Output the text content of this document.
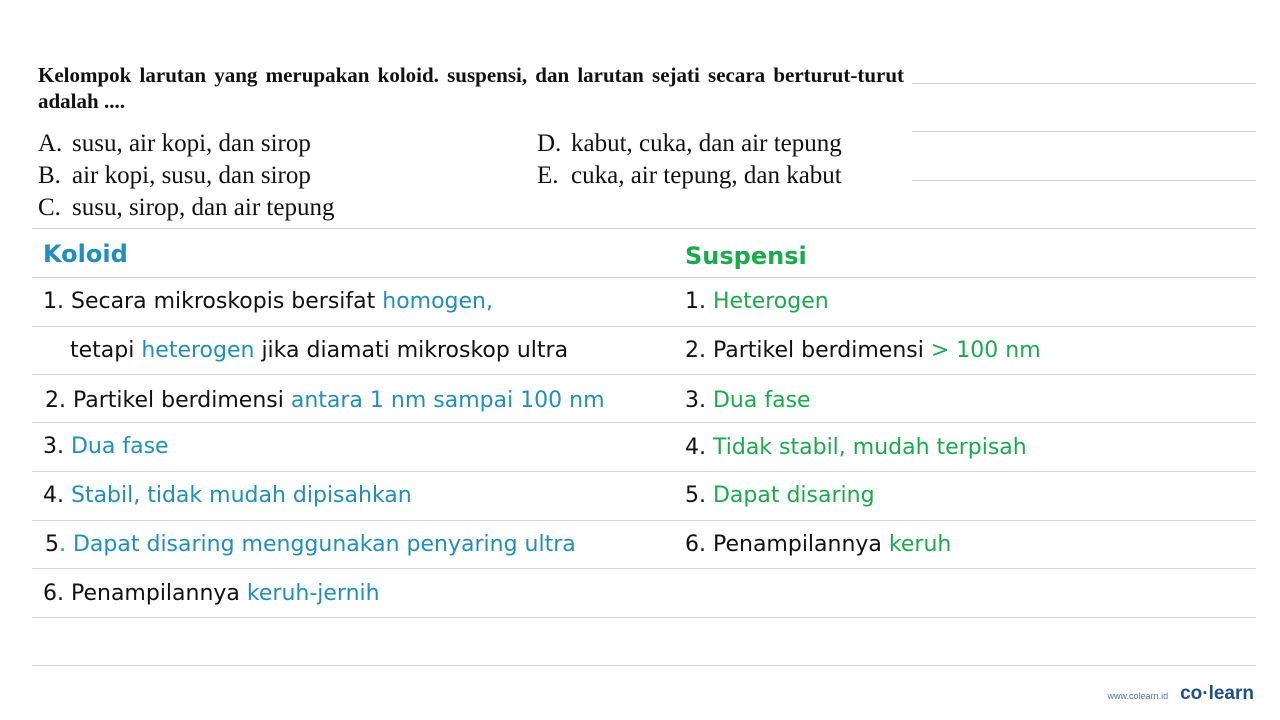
Kelompok larutan yang merupakan koloid. suspensi, dan larutan sejati secara berturut-turut adalah ....
A. susu, air kopi, dan sirop
B. air kopi, susu, dan sirop
C. susu, sirop, dan air tepung
D. kabut, cuka, dan air tepung
E. cuka, air tepung, dan kabut
Koloid
1. Secara mikroskopis bersifat homogen,
tetapi heterogen jika diamati mikroskop ultra
2. Partikel berdimensi antara 1 nm sampai 100 nm
3. Dua fase
4. Stabil, tidak mudah dipisahkan
5. Dapat disaring menggunakan penyaring ultra
6. Penampilannya keruh-jernih
Suspensi
1. Heterogen
2. Partikel berdimensi > 100 nm
3. Dua fase
4. Tidak stabil, mudah terpisah
5. Dapat disaring
6. Penampilannya keruh
www.colearn.id co·learn
